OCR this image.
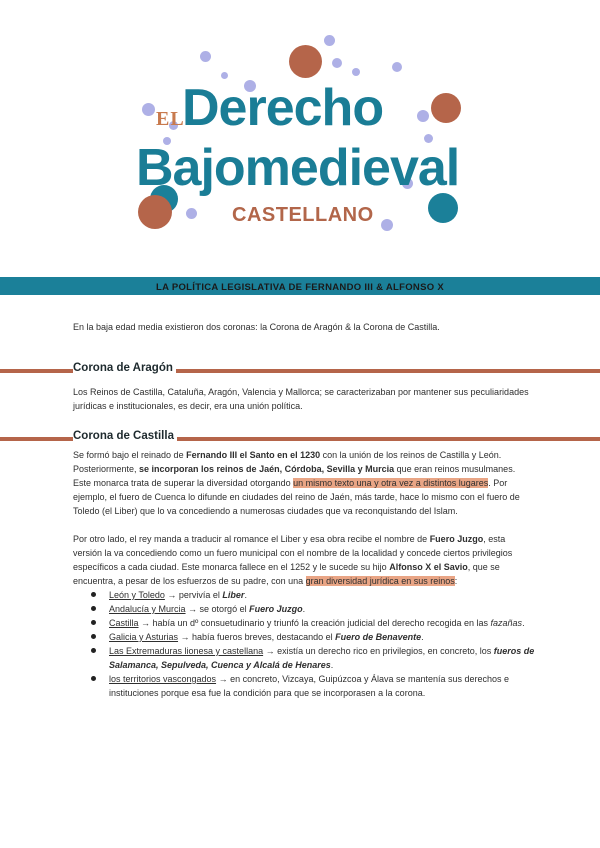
EL
Derecho
Bajomedieval
CASTELLANO
LA POLÍTICA LEGISLATIVA DE FERNANDO III & ALFONSO X

En la baja edad media existieron dos coronas: la Corona de Aragón & la Corona de Castilla.

Corona de Aragón

Los Reinos de Castilla, Cataluña, Aragón, Valencia y Mallorca; se caracterizaban por mantener sus peculiaridades jurídicas e institucionales, es decir, era una unión política.

Corona de Castilla

Se formó bajo el reinado de Fernando III el Santo en el 1230 con la unión de los reinos de Castilla y León. Posteriormente, se incorporan los reinos de Jaén, Córdoba, Sevilla y Murcia que eran reinos musulmanes. Este monarca trata de superar la diversidad otorgando un mismo texto una y otra vez a distintos lugares. Por ejemplo, el fuero de Cuenca lo difunde en ciudades del reino de Jaén, más tarde, hace lo mismo con el fuero de Toledo (el Liber) que lo va concediendo a numerosas ciudades que va reconquistando del Islam.

Por otro lado, el rey manda a traducir al romance el Liber y esa obra recibe el nombre de Fuero Juzgo, esta versión la va concediendo como un fuero municipal con el nombre de la localidad y concede ciertos privilegios específicos a cada ciudad. Este monarca fallece en el 1252 y le sucede su hijo Alfonso X el Savio, que se encuentra, a pesar de los esfuerzos de su padre, con una gran diversidad jurídica en sus reinos:

León y Toledo → pervivía el Liber.
Andalucía y Murcia → se otorgó el Fuero Juzgo.
Castilla → había un dº consuetudinario y triunfó la creación judicial del derecho recogida en las fazañas.
Galicia y Asturias → había fueros breves, destacando el Fuero de Benavente.
Las Extremaduras lionesa y castellana → existía un derecho rico en privilegios, en concreto, los fueros de Salamanca, Sepulveda, Cuenca y Alcalá de Henares.
los territorios vascongados → en concreto, Vizcaya, Guipúzcoa y Álava se mantenía sus derechos e instituciones porque esa fue la condición para que se incorporasen a la corona.
